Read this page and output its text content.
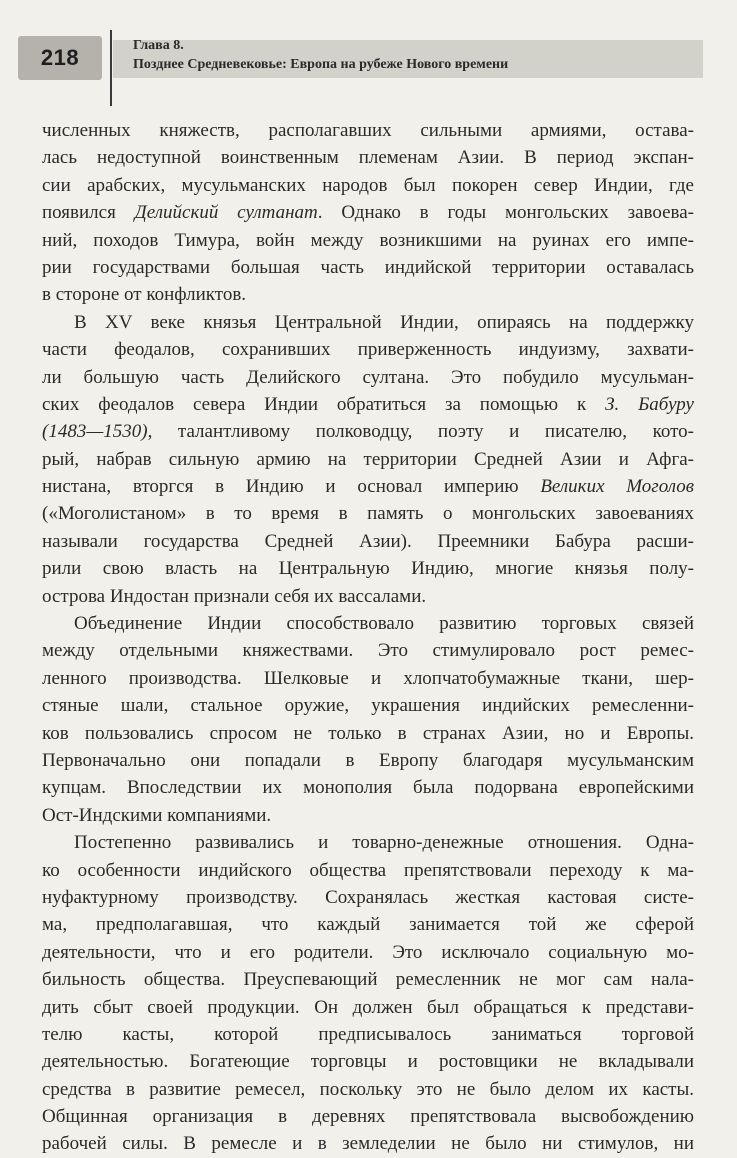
218	Глава 8.
Позднее Средневековье: Европа на рубеже Нового времени
численных княжеств, располагавших сильными армиями, остава-
лась недоступной воинственным племенам Азии. В период экспан-
сии арабских, мусульманских народов был покорен север Индии, где
появился Делийский султанат. Однако в годы монгольских завоева-
ний, походов Тимура, войн между возникшими на руинах его импе-
рии государствами большая часть индийской территории оставалась
в стороне от конфликтов.
В XV веке князья Центральной Индии, опираясь на поддержку
части феодалов, сохранивших приверженность индуизму, захвати-
ли большую часть Делийского султана. Это побудило мусульман-
ских феодалов севера Индии обратиться за помощью к З. Бабуру
(1483—1530), талантливому полководцу, поэту и писателю, кото-
рый, набрав сильную армию на территории Средней Азии и Афга-
нистана, вторгся в Индию и основал империю Великих Моголов
(«Моголистаном» в то время в память о монгольских завоеваниях
называли государства Средней Азии). Преемники Бабура расши-
рили свою власть на Центральную Индию, многие князья полу-
острова Индостан признали себя их вассалами.
Объединение Индии способствовало развитию торговых связей
между отдельными княжествами. Это стимулировало рост ремес-
ленного производства. Шелковые и хлопчатобумажные ткани, шер-
стяные шали, стальное оружие, украшения индийских ремесленни-
ков пользовались спросом не только в странах Азии, но и Европы.
Первоначально они попадали в Европу благодаря мусульманским
купцам. Впоследствии их монополия была подорвана европейскими
Ост-Индскими компаниями.
Постепенно развивались и товарно-денежные отношения. Одна-
ко особенности индийского общества препятствовали переходу к ма-
нуфактурному производству. Сохранялась жесткая кастовая систе-
ма, предполагавшая, что каждый занимается той же сферой
деятельности, что и его родители. Это исключало социальную мо-
бильность общества. Преуспевающий ремесленник не мог сам нала-
дить сбыт своей продукции. Он должен был обращаться к представи-
телю касты, которой предписывалось заниматься торговой
деятельностью. Богатеющие торговцы и ростовщики не вкладывали
средства в развитие ремесел, поскольку это не было делом их касты.
Общинная организация в деревнях препятствовала высвобождению
рабочей силы. В ремесле и в земледелии не было ни стимулов, ни
